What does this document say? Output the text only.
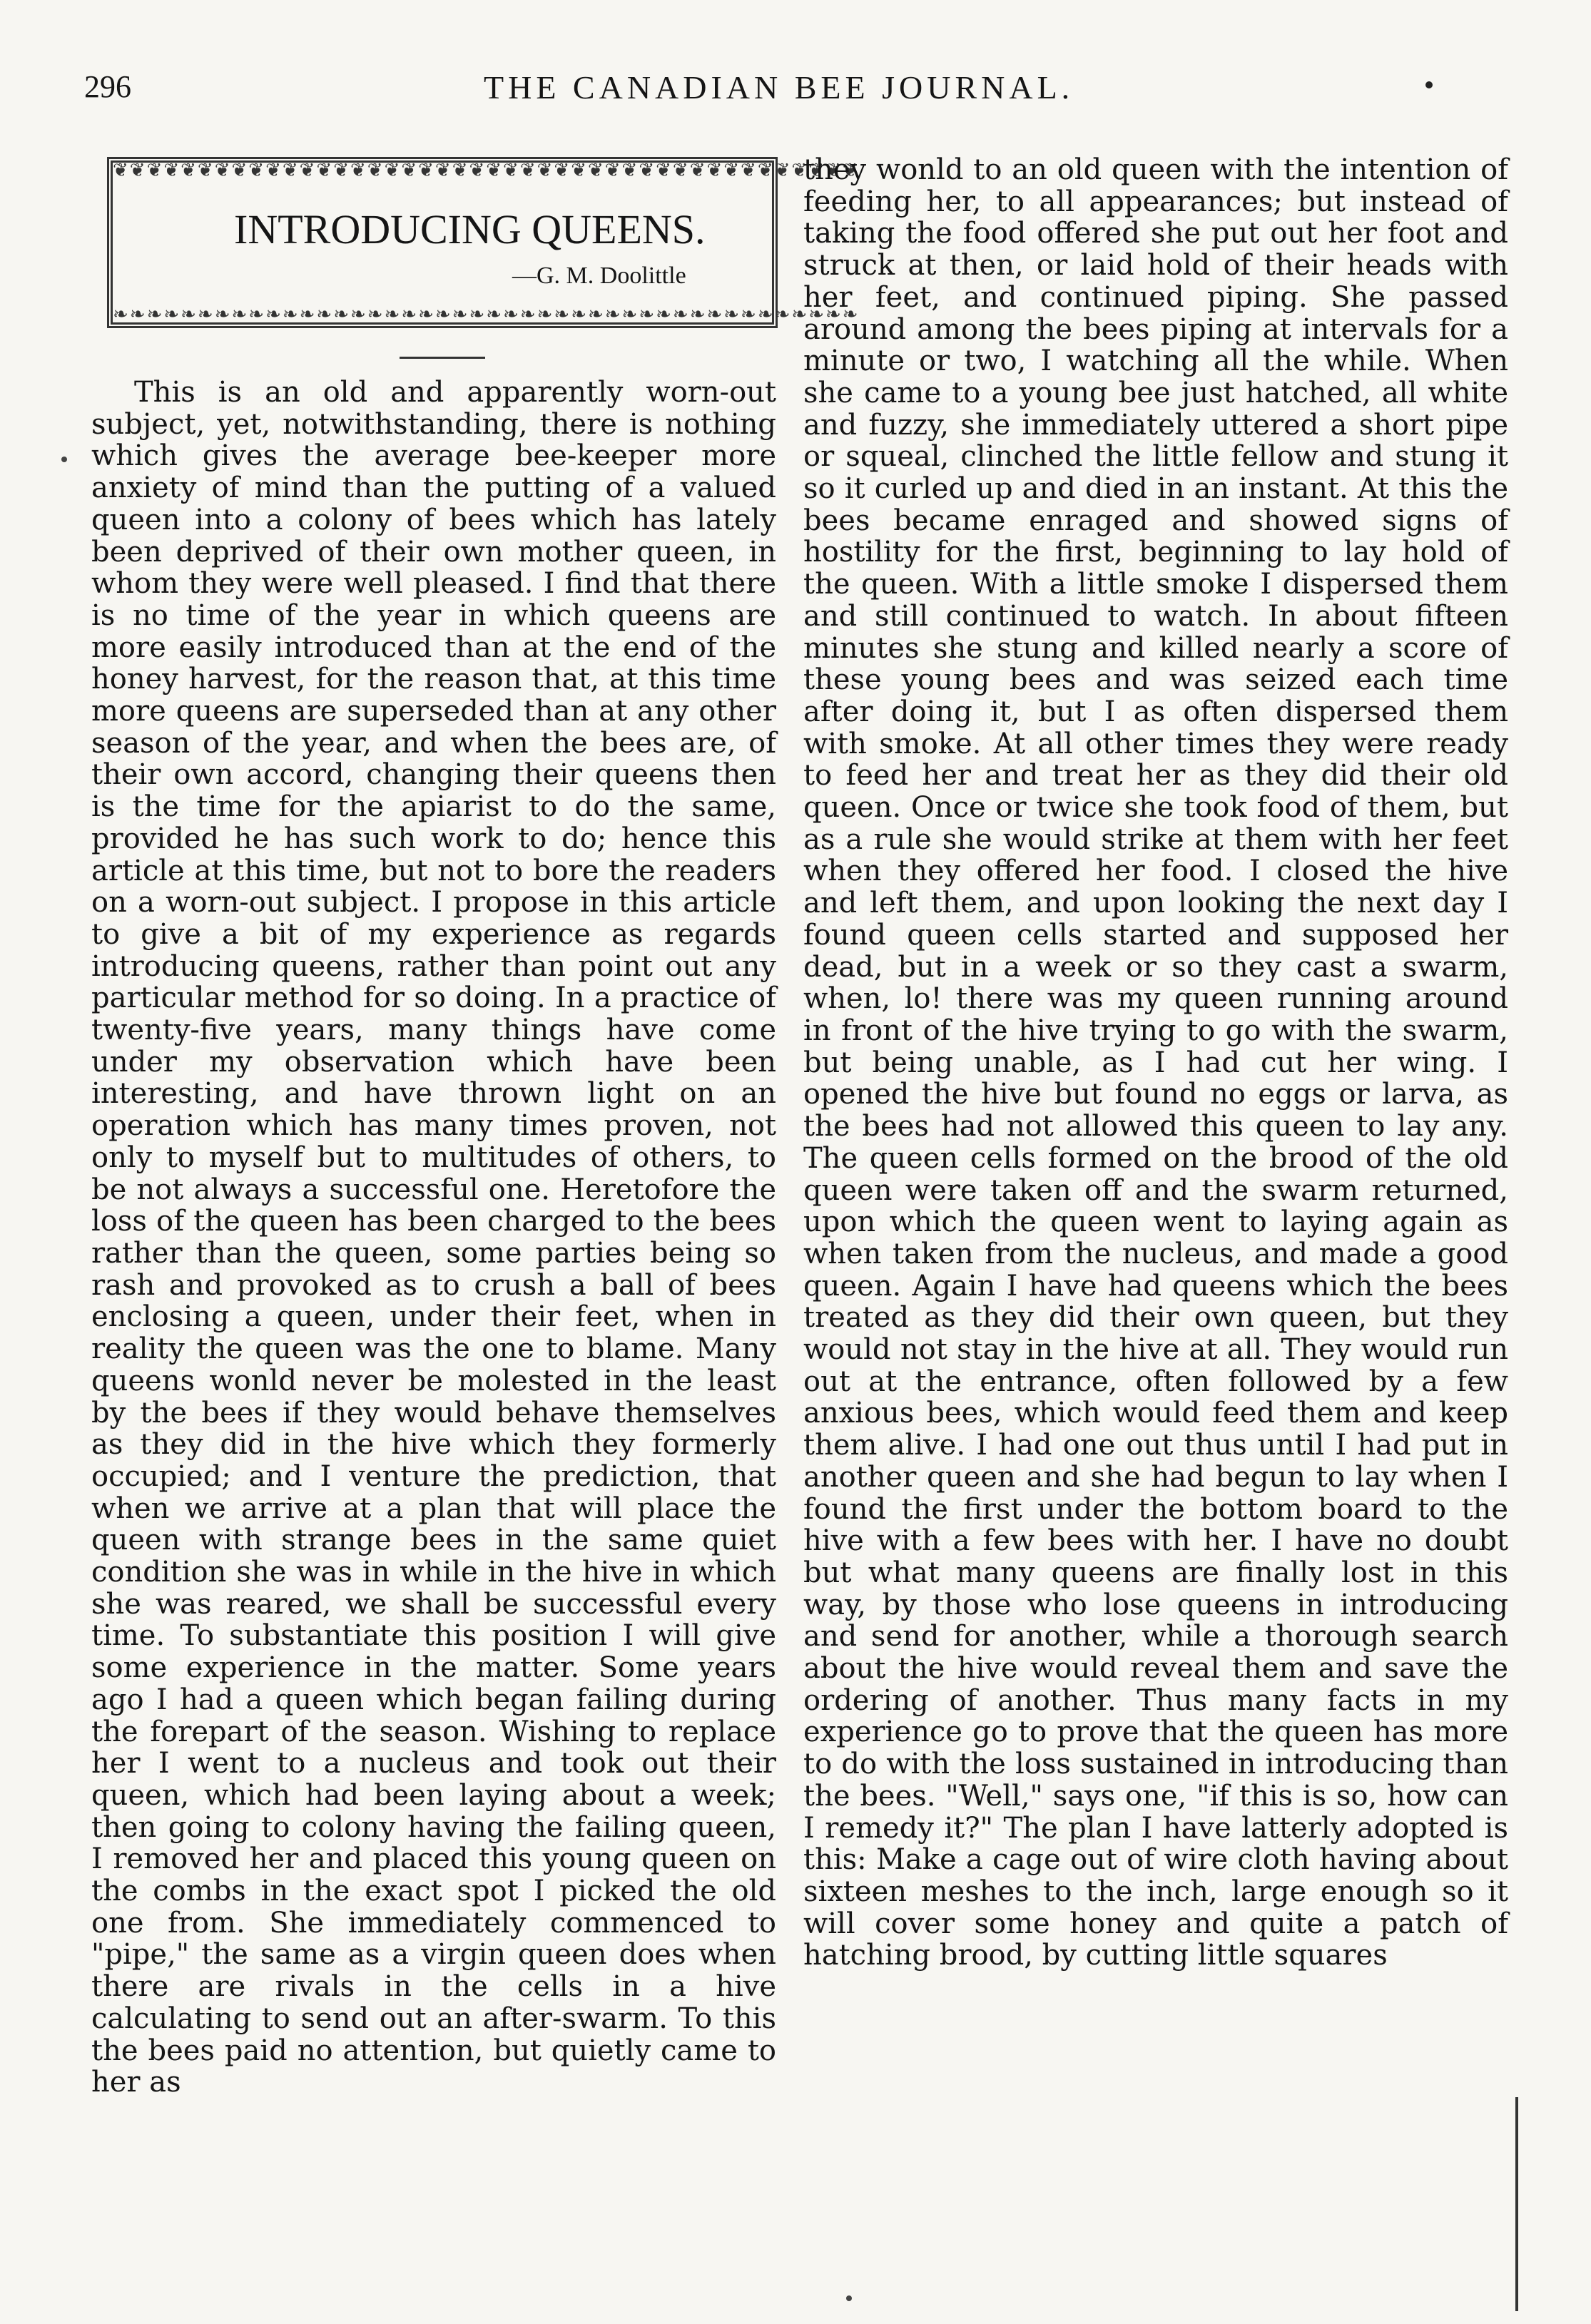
296	THE CANADIAN BEE JOURNAL.
❦❦❦❦❦❦❦❦❦❦❦❦❦❦❦❦❦❦❦❦❦❦❦❦❦❦❦❦❦❦❦❦❦❦❦❦❦❦❦❦❦❦❦❦
❧❧❧❧❧❧❧❧❧❧❧❧❧❧❧❧❧❧❧❧❧❧❧❧❧❧❧❧❧❧❧❧❧❧❧❧❧❧❧❧❧❧❧❧
INTRODUCING QUEENS.
—G. M. Doolittle

This is an old and apparently worn-out subject, yet, notwithstanding, there is nothing which gives the average bee-keeper more anxiety of mind than the putting of a valued queen into a colony of bees which has lately been deprived of their own mother queen, in whom they were well pleased. I find that there is no time of the year in which queens are more easily introduced than at the end of the honey harvest, for the reason that, at this time more queens are superseded than at any other season of the year, and when the bees are, of their own accord, changing their queens then is the time for the apiarist to do the same, provided he has such work to do; hence this article at this time, but not to bore the readers on a worn-out subject. I propose in this article to give a bit of my experience as regards introducing queens, rather than point out any particular method for so doing. In a practice of twenty-five years, many things have come under my observation which have been interesting, and have thrown light on an operation which has many times proven, not only to myself but to multitudes of others, to be not always a successful one. Heretofore the loss of the queen has been charged to the bees rather than the queen, some parties being so rash and provoked as to crush a ball of bees enclosing a queen, under their feet, when in reality the queen was the one to blame. Many queens wonld never be molested in the least by the bees if they would behave themselves as they did in the hive which they formerly occupied; and I venture the prediction, that when we arrive at a plan that will place the queen with strange bees in the same quiet condition she was in while in the hive in which she was reared, we shall be successful every time. To substantiate this position I will give some experience in the matter. Some years ago I had a queen which began failing during the forepart of the season. Wishing to replace her I went to a nucleus and took out their queen, which had been laying about a week; then going to colony having the failing queen, I removed her and placed this young queen on the combs in the exact spot I picked the old one from. She immediately commenced to "pipe," the same as a virgin queen does when there are rivals in the cells in a hive calculating to send out an after-swarm. To this the bees paid no attention, but quietly came to her as

they wonld to an old queen with the intention of feeding her, to all appearances; but instead of taking the food offered she put out her foot and struck at then, or laid hold of their heads with her feet, and continued piping. She passed around among the bees piping at intervals for a minute or two, I watching all the while. When she came to a young bee just hatched, all white and fuzzy, she immediately uttered a short pipe or squeal, clinched the little fellow and stung it so it curled up and died in an instant. At this the bees became enraged and showed signs of hostility for the first, beginning to lay hold of the queen. With a little smoke I dispersed them and still continued to watch. In about fifteen minutes she stung and killed nearly a score of these young bees and was seized each time after doing it, but I as often dispersed them with smoke. At all other times they were ready to feed her and treat her as they did their old queen. Once or twice she took food of them, but as a rule she would strike at them with her feet when they offered her food. I closed the hive and left them, and upon looking the next day I found queen cells started and supposed her dead, but in a week or so they cast a swarm, when, lo! there was my queen running around in front of the hive trying to go with the swarm, but being unable, as I had cut her wing. I opened the hive but found no eggs or larva, as the bees had not allowed this queen to lay any. The queen cells formed on the brood of the old queen were taken off and the swarm returned, upon which the queen went to laying again as when taken from the nucleus, and made a good queen. Again I have had queens which the bees treated as they did their own queen, but they would not stay in the hive at all. They would run out at the entrance, often followed by a few anxious bees, which would feed them and keep them alive. I had one out thus until I had put in another queen and she had begun to lay when I found the first under the bottom board to the hive with a few bees with her. I have no doubt but what many queens are finally lost in this way, by those who lose queens in introducing and send for another, while a thorough search about the hive would reveal them and save the ordering of another. Thus many facts in my experience go to prove that the queen has more to do with the loss sustained in introducing than the bees. "Well," says one, "if this is so, how can I remedy it?" The plan I have latterly adopted is this: Make a cage out of wire cloth having about sixteen meshes to the inch, large enough so it will cover some honey and quite a patch of hatching brood, by cutting little squares
